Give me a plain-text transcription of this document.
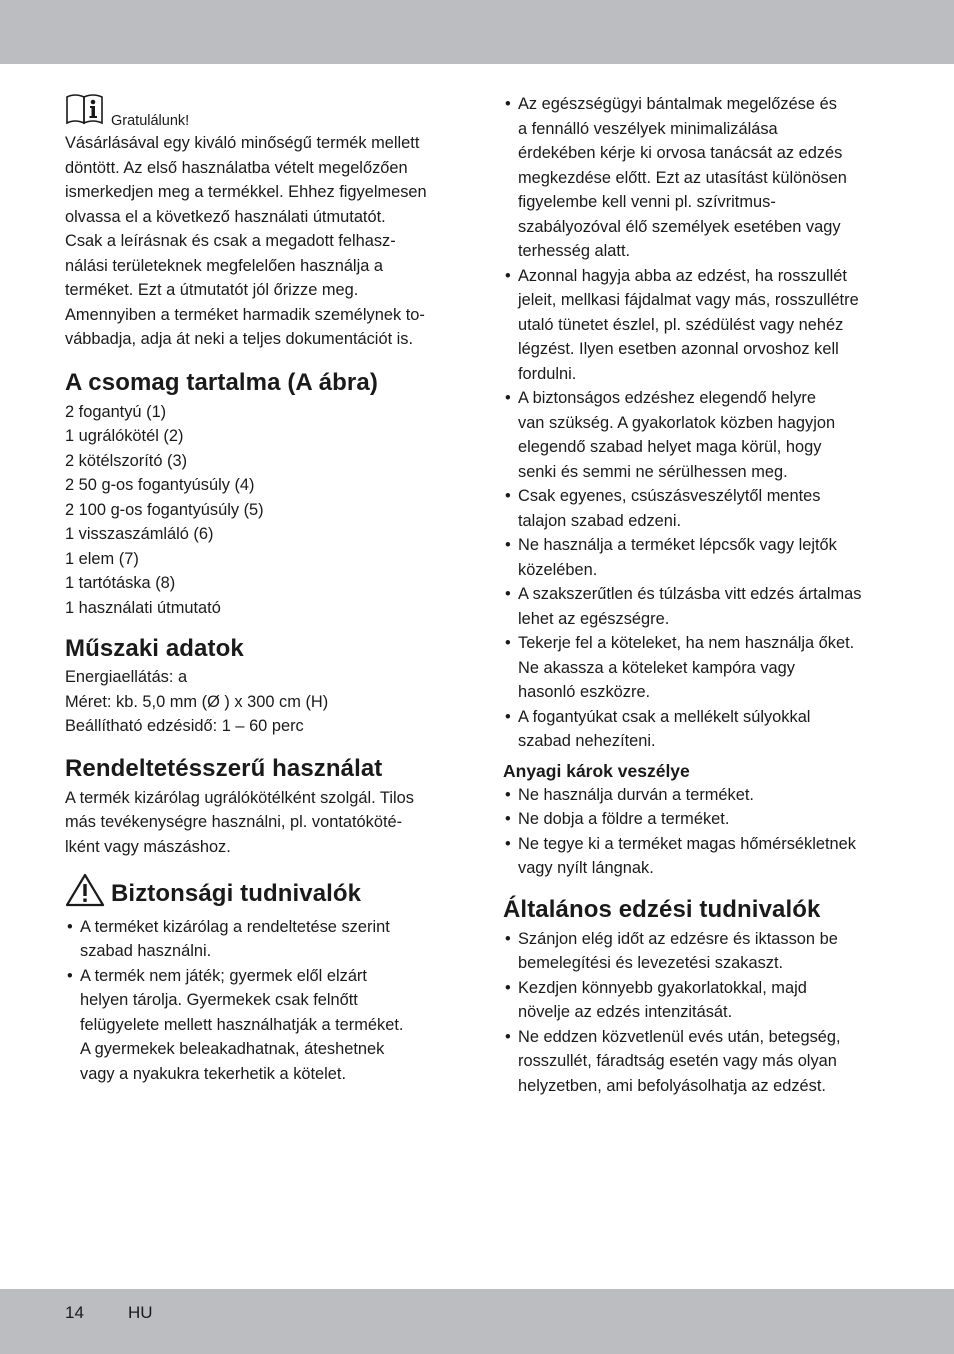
Gratulálunk!
Vásárlásával egy kiváló minőségű termék mellett
döntött. Az első használatba vételt megelőzően
ismerkedjen meg a termékkel. Ehhez figyelmesen
olvassa el a következő használati útmutatót.
Csak a leírásnak és csak a megadott felhasz-
nálási területeknek megfelelően használja a
terméket. Ezt a útmutatót jól őrizze meg.
Amennyiben a terméket harmadik személynek to-
vábbadja, adja át neki a teljes dokumentációt is.
A csomag tartalma (A ábra)
2 fogantyú (1)
1 ugrálókötél (2)
2 kötélszorító (3)
2 50 g-os fogantyúsúly (4)
2 100 g-os fogantyúsúly (5)
1 visszaszámláló (6)
1 elem (7)
1 tartótáska (8)
1 használati útmutató
Műszaki adatok
Energiaellátás: a
Méret: kb. 5,0 mm (Ø ) x 300 cm (H)
Beállítható edzésidő: 1 – 60 perc
Rendeltetésszerű használat
A termék kizárólag ugrálókötélként szolgál. Tilos
más tevékenységre használni, pl. vontatóköté-
lként vagy mászáshoz.
Biztonsági tudnivalók
• A terméket kizárólag a rendeltetése szerint
szabad használni.
• A termék nem játék; gyermek elől elzárt
helyen tárolja. Gyermekek csak felnőtt
felügyelete mellett használhatják a terméket.
A gyermekek beleakadhatnak, áteshetnek
vagy a nyakukra tekerhetik a kötelet.
• Az egészségügyi bántalmak megelőzése és
a fennálló veszélyek minimalizálása
érdekében kérje ki orvosa tanácsát az edzés
megkezdése előtt. Ezt az utasítást különösen
figyelembe kell venni pl. szívritmus-
szabályozóval élő személyek esetében vagy
terhesség alatt.
• Azonnal hagyja abba az edzést, ha rosszullét
jeleit, mellkasi fájdalmat vagy más, rosszullétre
utaló tünetet észlel, pl. szédülést vagy nehéz
légzést. Ilyen esetben azonnal orvoshoz kell
fordulni.
• A biztonságos edzéshez elegendő helyre
van szükség. A gyakorlatok közben hagyjon
elegendő szabad helyet maga körül, hogy
senki és semmi ne sérülhessen meg.
• Csak egyenes, csúszásveszélytől mentes
talajon szabad edzeni.
• Ne használja a terméket lépcsők vagy lejtők
közelében.
• A szakszerűtlen és túlzásba vitt edzés ártalmas
lehet az egészségre.
• Tekerje fel a köteleket, ha nem használja őket.
Ne akassza a köteleket kampóra vagy
hasonló eszközre.
• A fogantyúkat csak a mellékelt súlyokkal
szabad nehezíteni.
Anyagi károk veszélye
• Ne használja durván a terméket.
• Ne dobja a földre a terméket.
• Ne tegye ki a terméket magas hőmérsékletnek
vagy nyílt lángnak.
Általános edzési tudnivalók
• Szánjon elég időt az edzésre és iktasson be
bemelegítési és levezetési szakaszt.
• Kezdjen könnyebb gyakorlatokkal, majd
növelje az edzés intenzitását.
• Ne eddzen közvetlenül evés után, betegség,
rosszullét, fáradtság esetén vagy más olyan
helyzetben, ami befolyásolhatja az edzést.
14	HU
